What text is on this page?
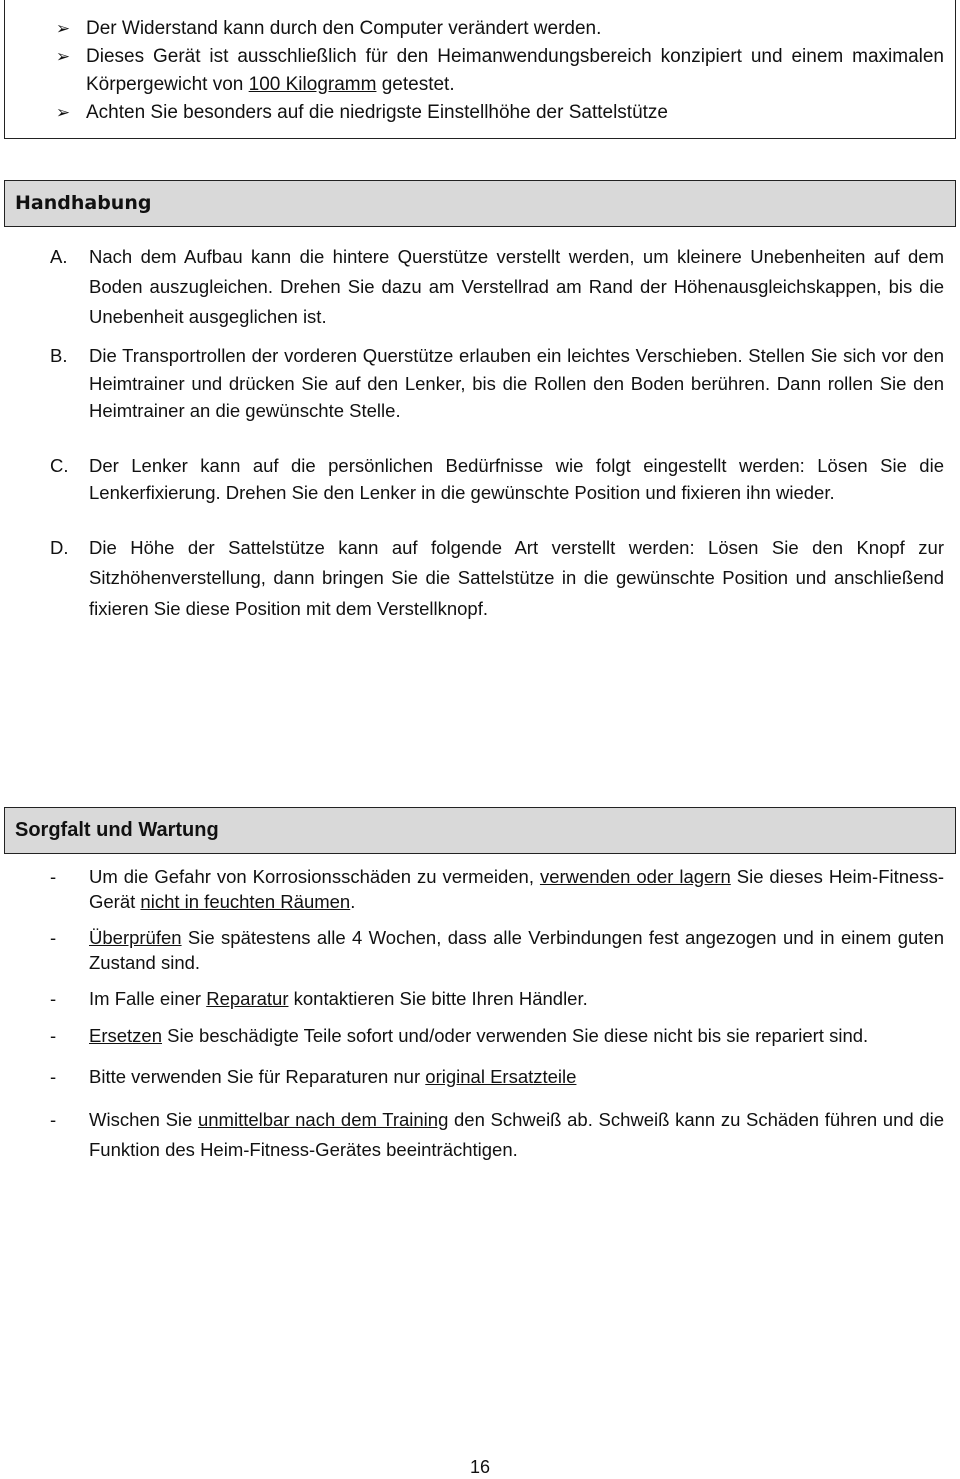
➢ Der Widerstand kann durch den Computer verändert werden.
➢ Dieses Gerät ist ausschließlich für den Heimanwendungsbereich konzipiert und einem maximalen Körpergewicht von 100 Kilogramm getestet.
➢ Achten Sie besonders auf die niedrigste Einstellhöhe der Sattelstütze
Handhabung
A. Nach dem Aufbau kann die hintere Querstütze verstellt werden, um kleinere Unebenheiten auf dem Boden auszugleichen. Drehen Sie dazu am Verstellrad am Rand der Höhenausgleichskappen, bis die Unebenheit ausgeglichen ist.
B. Die Transportrollen der vorderen Querstütze erlauben ein leichtes Verschieben. Stellen Sie sich vor den Heimtrainer und drücken Sie auf den Lenker, bis die Rollen den Boden berühren. Dann rollen Sie den Heimtrainer an die gewünschte Stelle.
C. Der Lenker kann auf die persönlichen Bedürfnisse wie folgt eingestellt werden: Lösen Sie die Lenkerfixierung. Drehen Sie den Lenker in die gewünschte Position und fixieren ihn wieder.
D. Die Höhe der Sattelstütze kann auf folgende Art verstellt werden: Lösen Sie den Knopf zur Sitzhöhenverstellung, dann bringen Sie die Sattelstütze in die gewünschte Position und anschließend fixieren Sie diese Position mit dem Verstellknopf.
Sorgfalt und Wartung
- Um die Gefahr von Korrosionsschäden zu vermeiden, verwenden oder lagern Sie dieses Heim-Fitness-Gerät nicht in feuchten Räumen.
- Überprüfen Sie spätestens alle 4 Wochen, dass alle Verbindungen fest angezogen und in einem guten Zustand sind.
- Im Falle einer Reparatur kontaktieren Sie bitte Ihren Händler.
- Ersetzen Sie beschädigte Teile sofort und/oder verwenden Sie diese nicht bis sie repariert sind.
- Bitte verwenden Sie für Reparaturen nur original Ersatzteile
- Wischen Sie unmittelbar nach dem Training den Schweiß ab. Schweiß kann zu Schäden führen und die Funktion des Heim-Fitness-Gerätes beeinträchtigen.
16
